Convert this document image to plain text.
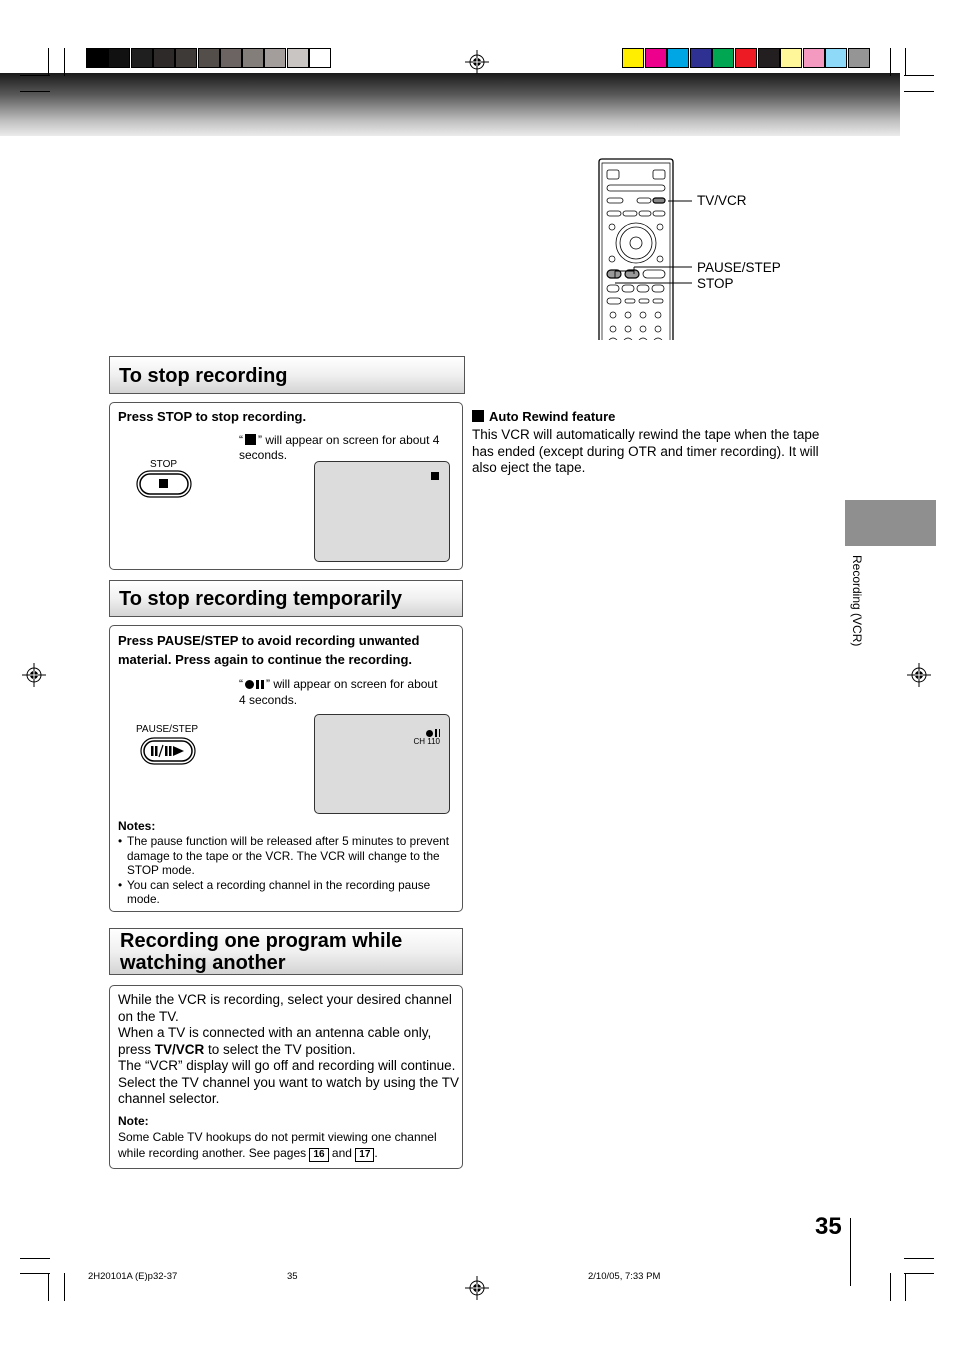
TV/VCR
PAUSE/STEP
STOP
To stop recording
Press STOP to stop recording.
“ ” will appear on screen for about 4 seconds.
STOP
Auto Rewind feature
This VCR will automatically rewind the tape when the tape has ended (except during OTR and timer recording). It will also eject the tape.
To stop recording temporarily
Press PAUSE/STEP to avoid recording unwanted material. Press again to continue the recording.
“ ” will appear on screen for about 4 seconds.
PAUSE/STEP
CH 110
Notes:
• The pause function will be released after 5 minutes to prevent damage to the tape or the VCR. The VCR will change to the STOP mode.
• You can select a recording channel in the recording pause mode.
Recording one program while watching another
While the VCR is recording, select your desired channel on the TV.
When a TV is connected with an antenna cable only, press TV/VCR to select the TV position.
The “VCR” display will go off and recording will continue. Select the TV channel you want to watch by using the TV channel selector.
Note:
Some Cable TV hookups do not permit viewing one channel while recording another. See pages 16 and 17 .
Recording (VCR)
35
2H20101A (E)p32-37	35	2/10/05, 7:33 PM
